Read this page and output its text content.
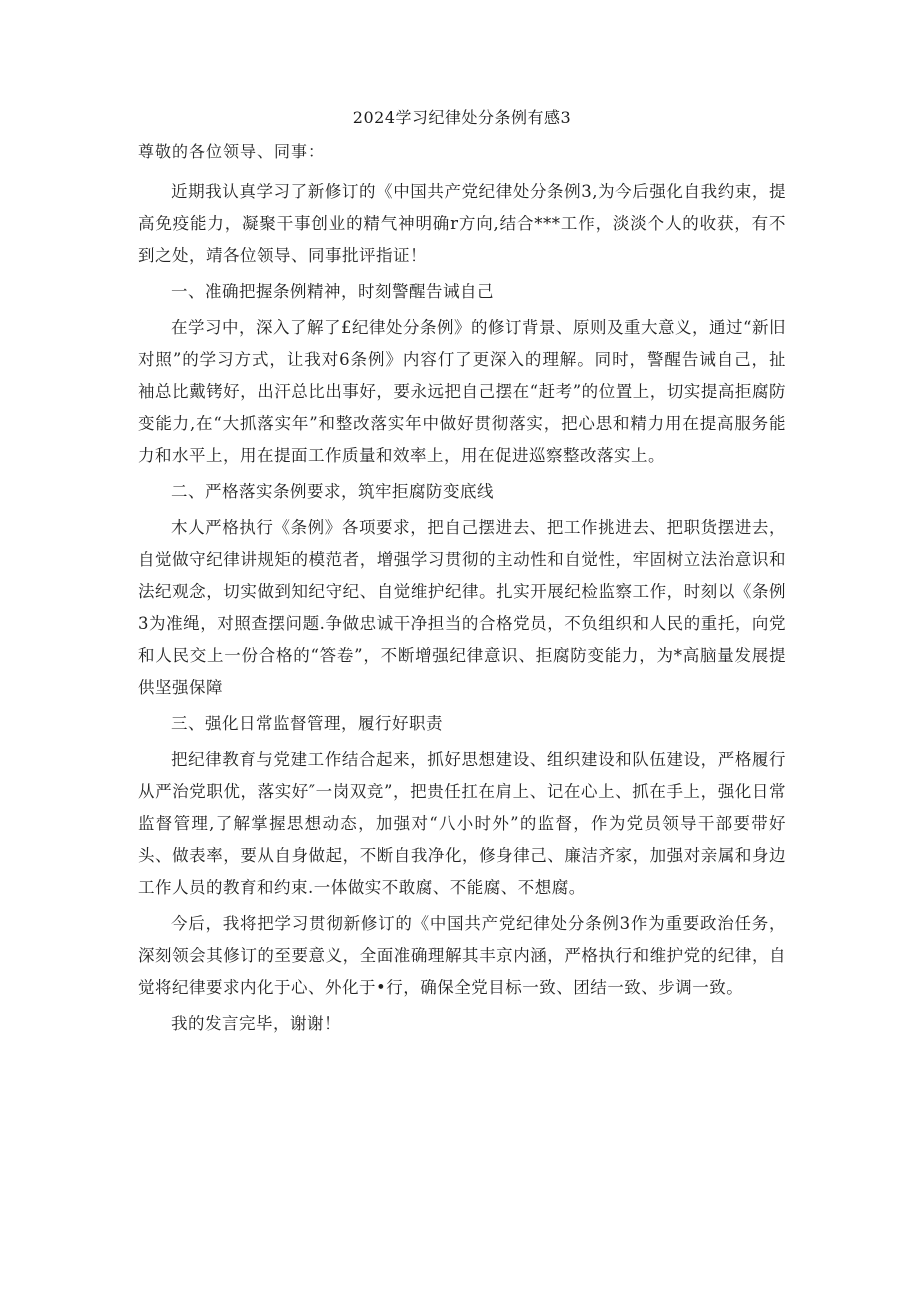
2024学习纪律处分条例有感3
尊敬的各位领导、同事：

近期我认真学习了新修订的《中国共产党纪律处分条例3,为今后强化自我约束，提高免疫能力，凝聚干事创业的精气神明确r方向,结合***工作，淡淡个人的收获，有不到之处，靖各位领导、同事批评指证！

一、准确把握条例精神，时刻警醒告诫自己

在学习中，深入了解了£纪律处分条例》的修订背景、原则及重大意义，通过“新旧对照”的学习方式，让我对6条例》内容仃了更深入的理解。同时，警醒告诫自己，扯袖总比戴铐好，出汗总比出事好，要永远把自己摆在“赶考”的位置上，切实提高拒腐防变能力,在“大抓落实年”和整改落实年中做好贯彻落实，把心思和精力用在提高服务能力和水平上，用在提面工作质量和效率上，用在促进巡察整改落实上。

二、严格落实条例要求，筑牢拒腐防变底线

木人严格执行《条例》各项要求，把自己摆进去、把工作挑进去、把职货摆进去，自觉做守纪律讲规矩的模范者，增强学习贯彻的主动性和自觉性，牢固树立法治意识和法纪观念，切实做到知纪守纪、自觉维护纪律。扎实开展纪检监察工作，时刻以《条例3为准绳，对照查摆问题.争做忠诚干净担当的合格党员，不负组织和人民的重托，向党和人民交上一份合格的“答卷”，不断增强纪律意识、拒腐防变能力，为*高脑量发展提供坚强保障

三、强化日常监督管理，履行好职责

把纪律教育与党建工作结合起来，抓好思想建设、组织建设和队伍建设，严格履行从严治党职优，落实好″一岗双竞”，把贵任扛在肩上、记在心上、抓在手上，强化日常监督管理,了解掌握思想动态，加强对“八小时外”的监督，作为党员领导干部要带好头、做表率，要从自身做起，不断自我净化，修身律己、廉洁齐家，加强对亲属和身边工作人员的教育和约束.一体做实不敢腐、不能腐、不想腐。

今后，我将把学习贯彻新修订的《中国共产党纪律处分条例3作为重要政治任务，深刻领会其修订的至要意义，全面准确理解其丰京内涵，严格执行和维护党的纪律，自觉将纪律要求内化于心、外化于•行，确保全党目标一致、团结一致、步调一致。

我的发言完毕，谢谢！
